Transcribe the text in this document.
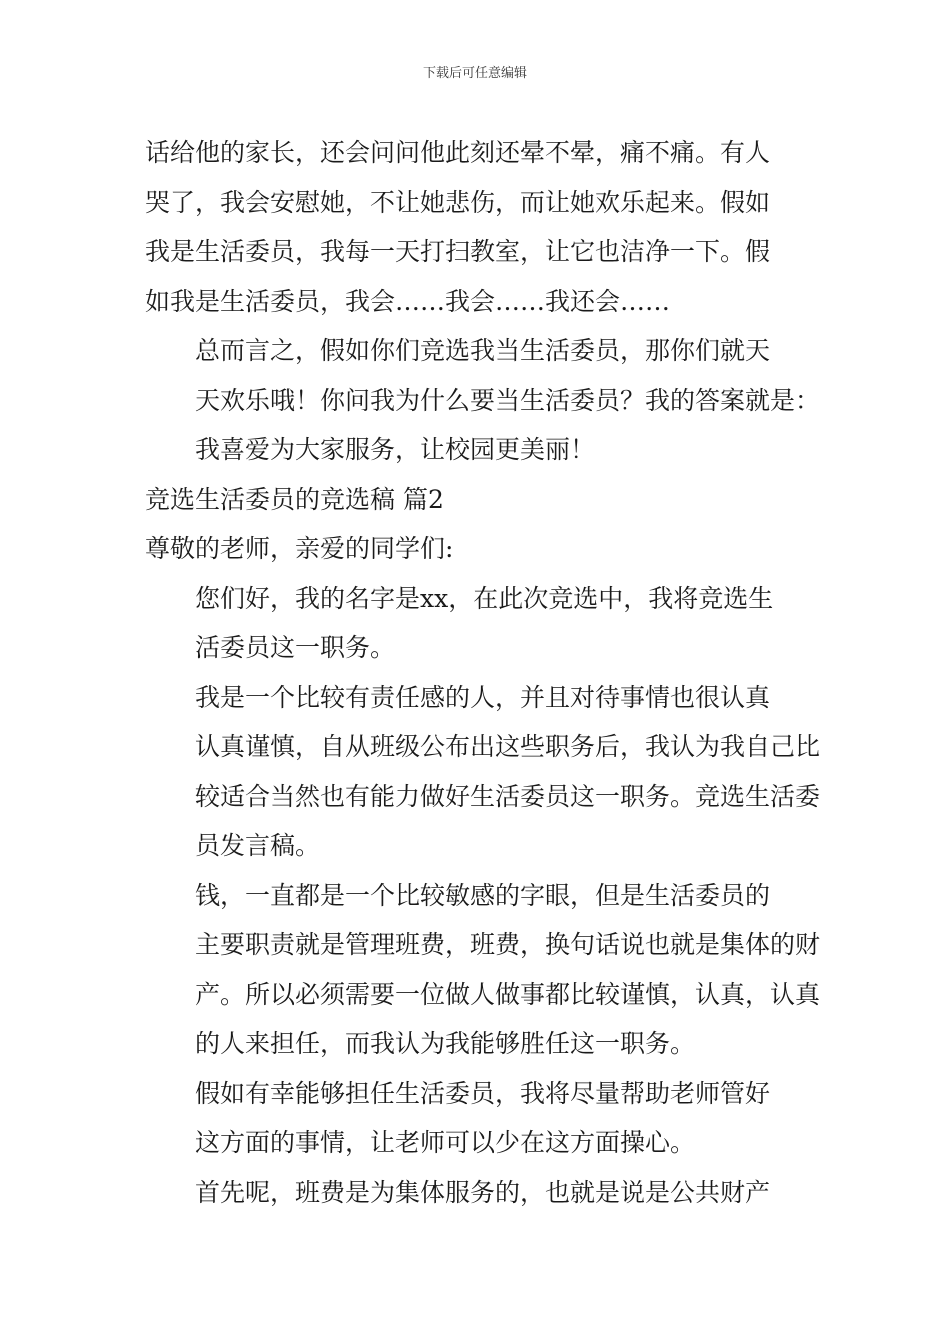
下载后可任意编辑

话给他的家长，还会问问他此刻还晕不晕，痛不痛。有人
哭了，我会安慰她，不让她悲伤，而让她欢乐起来。假如
我是生活委员，我每一天打扫教室，让它也洁净一下。假
如我是生活委员，我会……我会……我还会……

总而言之，假如你们竞选我当生活委员，那你们就天
天欢乐哦！你问我为什么要当生活委员？我的答案就是：
我喜爱为大家服务，让校园更美丽！

竞选生活委员的竞选稿 篇2

尊敬的老师，亲爱的同学们:

您们好，我的名字是xx，在此次竞选中，我将竞选生
活委员这一职务。

我是一个比较有责任感的人，并且对待事情也很认真
认真谨慎，自从班级公布出这些职务后，我认为我自己比
较适合当然也有能力做好生活委员这一职务。竞选生活委
员发言稿。

钱，一直都是一个比较敏感的字眼，但是生活委员的
主要职责就是管理班费，班费，换句话说也就是集体的财
产。所以必须需要一位做人做事都比较谨慎，认真，认真
的人来担任，而我认为我能够胜任这一职务。

假如有幸能够担任生活委员，我将尽量帮助老师管好
这方面的事情，让老师可以少在这方面操心。

首先呢，班费是为集体服务的，也就是说是公共财产
